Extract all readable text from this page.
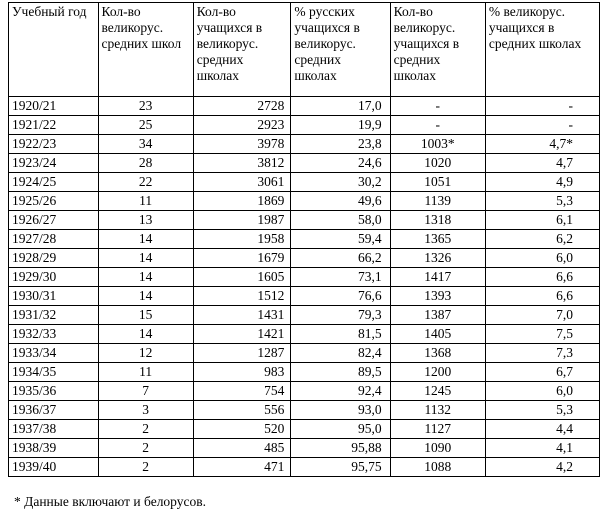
Учебный год	Кол-во великорус. средних школ	Кол-во учащихся в великорус. средних школах	% русских учащихся в великорус. средних школах	Кол-во великорус. учащихся в средних школах	% великорус. учащихся в средних школах
1920/21	23	2728	17,0	-	-
1921/22	25	2923	19,9	-	-
1922/23	34	3978	23,8	1003*	4,7*
1923/24	28	3812	24,6	1020	4,7
1924/25	22	3061	30,2	1051	4,9
1925/26	11	1869	49,6	1139	5,3
1926/27	13	1987	58,0	1318	6,1
1927/28	14	1958	59,4	1365	6,2
1928/29	14	1679	66,2	1326	6,0
1929/30	14	1605	73,1	1417	6,6
1930/31	14	1512	76,6	1393	6,6
1931/32	15	1431	79,3	1387	7,0
1932/33	14	1421	81,5	1405	7,5
1933/34	12	1287	82,4	1368	7,3
1934/35	11	983	89,5	1200	6,7
1935/36	7	754	92,4	1245	6,0
1936/37	3	556	93,0	1132	5,3
1937/38	2	520	95,0	1127	4,4
1938/39	2	485	95,88	1090	4,1
1939/40	2	471	95,75	1088	4,2

* Данные включают и белорусов.
